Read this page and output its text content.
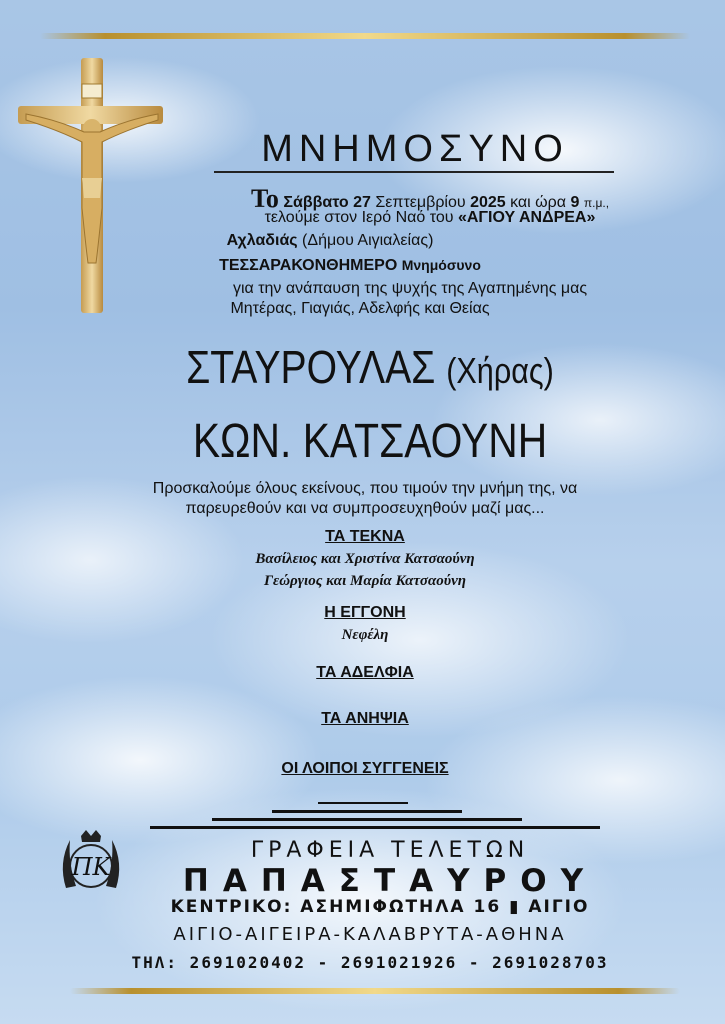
ΜΝΗΜΟΣΥΝΟ
Το Σάββατο 27 Σεπτεμβρίου 2025 και ώρα 9 π.μ.,
τελούμε στον Ιερό Ναό του «ΑΓΙΟΥ ΑΝΔΡΕΑ»
Αχλαδιάς (Δήμου Αιγιαλείας)
ΤΕΣΣΑΡΑΚΟΝΘΗΜΕΡΟ Μνημόσυνο
για την ανάπαυση της ψυχής της Αγαπημένης μας
Μητέρας, Γιαγιάς, Αδελφής και Θείας
ΣΤΑΥΡΟΥΛΑΣ (Χήρας)
ΚΩΝ. ΚΑΤΣΑΟΥΝΗ
Προσκαλούμε όλους εκείνους, που τιμούν την μνήμη της, να
παρευρεθούν και να συμπροσευχηθούν μαζί μας...
ΤΑ ΤΕΚΝΑ
Βασίλειος και Χριστίνα Κατσαούνη
Γεώργιος και Μαρία Κατσαούνη
Η ΕΓΓΟΝΗ
Νεφέλη
ΤΑ ΑΔΕΛΦΙΑ
ΤΑ ΑΝΗΨΙΑ
ΟΙ ΛΟΙΠΟΙ ΣΥΓΓΕΝΕΙΣ
ΠΚ
ΓΡΑΦΕΙΑ ΤΕΛΕΤΩΝ
ΠΑΠΑΣΤΑΥΡΟΥ
ΚΕΝΤΡΙΚΟ: ΑΣΗΜΙΦΩΤΗΛΑ 16 ▮ ΑΙΓΙΟ
ΑΙΓΙΟ-ΑΙΓΕΙΡΑ-ΚΑΛΑΒΡΥΤΑ-ΑΘΗΝΑ
ΤΗΛ: 2691020402 - 2691021926 - 2691028703
